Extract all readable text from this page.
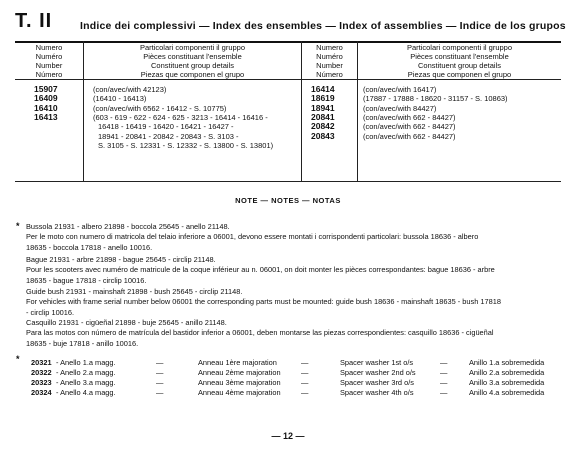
T. II	Indice dei complessivi — Index des ensembles — Index of assemblies — Indice de los grupos
Numero
Numéro
Number
Número
Particolari componenti il gruppo
Pièces constituant l'ensemble
Constituent group details
Piezas que componen el grupo
Numero
Numéro
Number
Número
Particolari componenti il gruppo
Pièces constituant l'ensemble
Constituent group details
Piezas que componen el grupo
15907	(con/avec/with 42123)
16409	(16410 - 16413)
16410	(con/avec/with 6562 - 16412 - S. 10775)
16413	(603 - 619 - 622 - 624 - 625 - 3213 - 16414 - 16416 -
16418 - 16419 - 16420 - 16421 - 16427 -
18941 - 20841 - 20842 - 20843 - S. 3103 -
S. 3105 - S. 12331 - S. 12332 - S. 13800 - S. 13801)
16414	(con/avec/with 16417)
18619	(17887 - 17888 - 18620 - 31157 - S. 10863)
18941	(con/avec/with 84427)
20841	(con/avec/with 662 - 84427)
20842	(con/avec/with 662 - 84427)
20843	(con/avec/with 662 - 84427)
NOTE — NOTES — NOTAS
* Bussola 21931 - albero 21898 - boccola 25645 - anello 21148.
Per le moto con numero di matricola del telaio inferiore a 06001, devono essere montati i corrispondenti particolari: bussola 18636 - albero
18635 - boccola 17818 - anello 10016.
Bague 21931 - arbre 21898 - bague 25645 - circlip 21148.
Pour les scooters avec numéro de matricule de la coque inférieur au n. 06001, on doit monter les pièces correspondantes: bague 18636 - arbre
18635 - bague 17818 - circlip 10016.
Guide bush 21931 - mainshaft 21898 - bush 25645 - circlip 21148.
For vehicles with frame serial number below 06001 the corresponding parts must be mounted: guide bush 18636 - mainshaft 18635 - bush 17818
- circlip 10016.
Casquillo 21931 - cigüeñal 21898 - buje 25645 - anillo 21148.
Para las motos con número de matrícula del bastidor inferior a 06001, deben montarse las piezas correspondientes: casquillo 18636 - cigüeñal
18635 - buje 17818 - anillo 10016.
* 20321 - Anello 1.a magg.	—	Anneau 1ère majoration	—	Spacer washer 1st o/s	—	Anillo 1.a sobremedida
20322 - Anello 2.a magg.	—	Anneau 2ème majoration	—	Spacer washer 2nd o/s	—	Anillo 2.a sobremedida
20323 - Anello 3.a magg.	—	Anneau 3ème majoration	—	Spacer washer 3rd o/s	—	Anillo 3.a sobremedida
20324 - Anello 4.a magg.	—	Anneau 4ème majoration	—	Spacer washer 4th o/s	—	Anillo 4.a sobremedida
— 12 —
